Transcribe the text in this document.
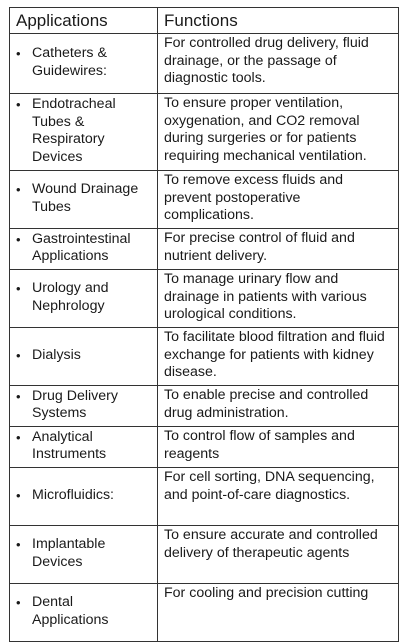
Applications	Functions

• Catheters & Guidewires:	For controlled drug delivery, fluid drainage, or the passage of diagnostic tools.

• Endotracheal Tubes & Respiratory Devices	To ensure proper ventilation, oxygenation, and CO2 removal during surgeries or for patients requiring mechanical ventilation.

• Wound Drainage Tubes	To remove excess fluids and prevent postoperative complications.

• Gastrointestinal Applications	For precise control of fluid and nutrient delivery.

• Urology and Nephrology	To manage urinary flow and drainage in patients with various urological conditions.

• Dialysis	To facilitate blood filtration and fluid exchange for patients with kidney disease.

• Drug Delivery Systems	To enable precise and controlled drug administration.

• Analytical Instruments	To control flow of samples and reagents

• Microfluidics:	For cell sorting, DNA sequencing, and point-of-care diagnostics.

• Implantable Devices	To ensure accurate and controlled delivery of therapeutic agents

• Dental Applications	For cooling and precision cutting
